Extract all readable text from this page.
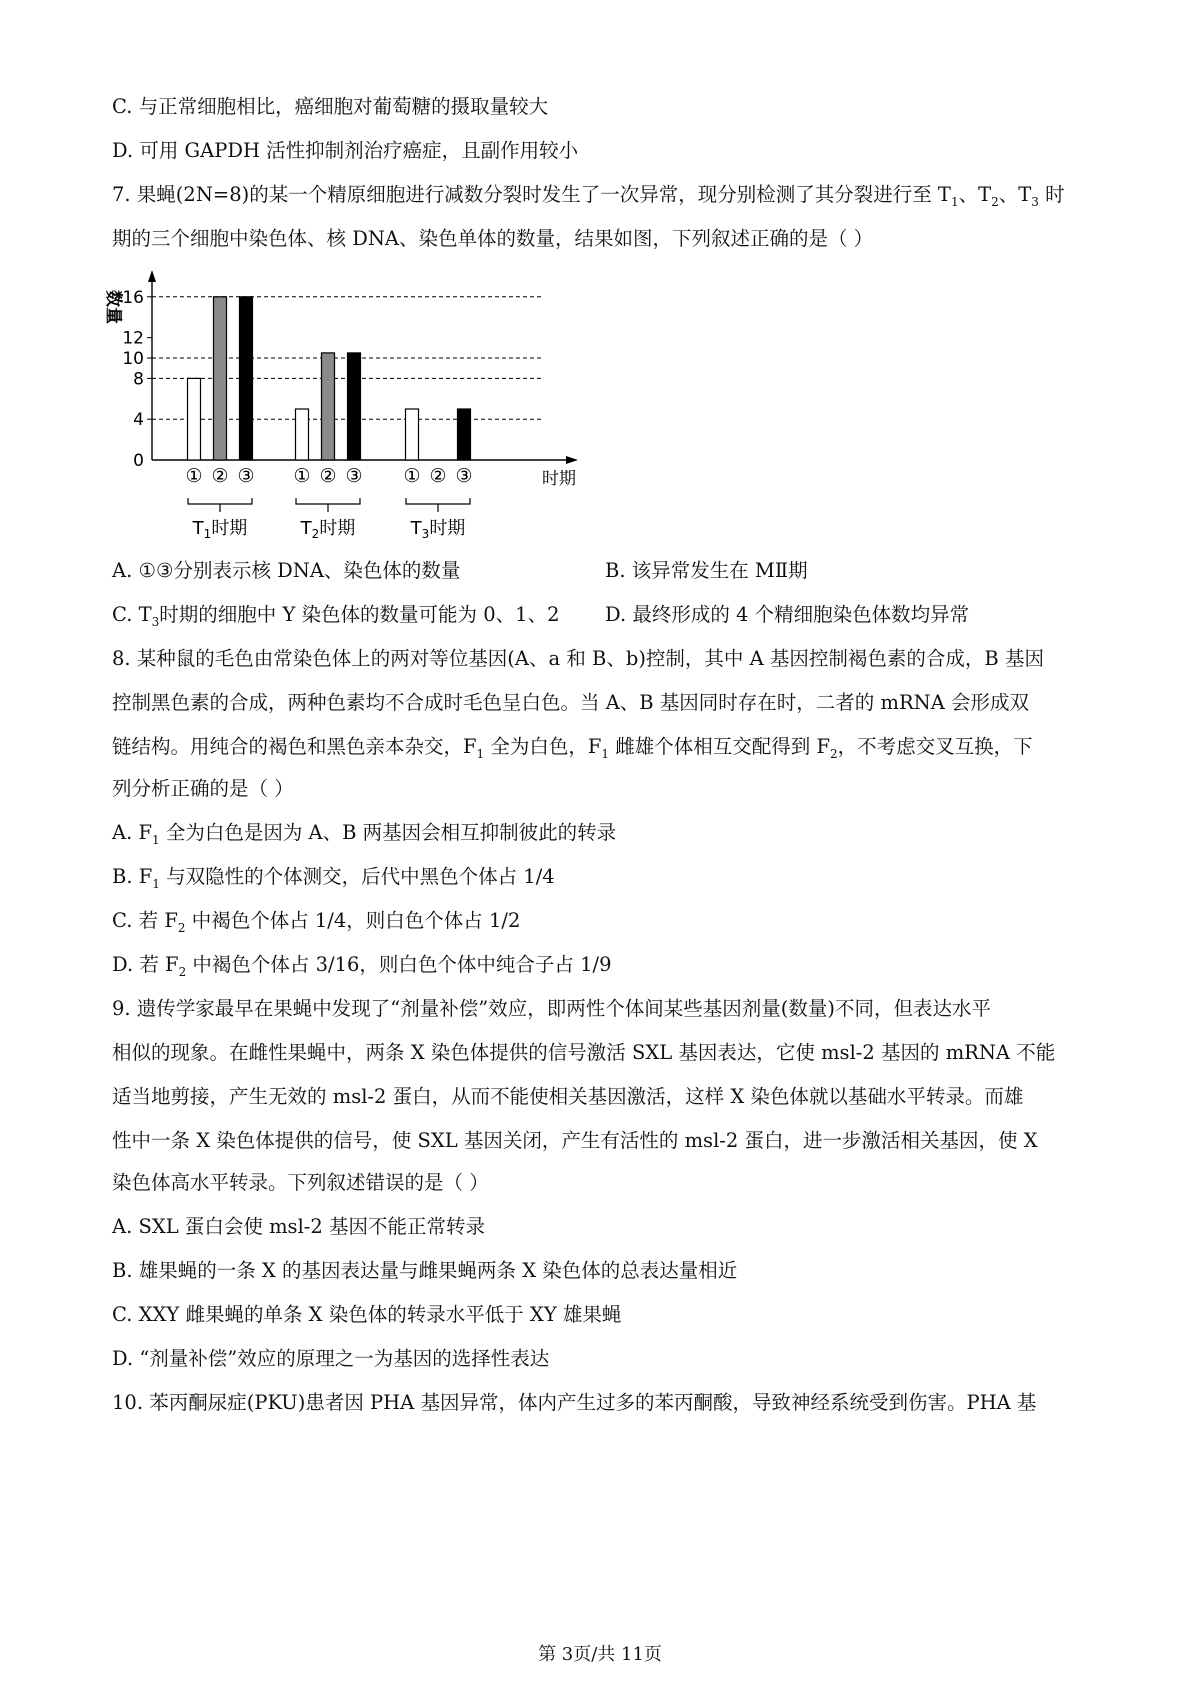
C. 与正常细胞相比，癌细胞对葡萄糖的摄取量较大
D. 可用 GAPDH 活性抑制剂治疗癌症，且副作用较小
7. 果蝇(2N=8)的某一个精原细胞进行减数分裂时发生了一次异常，现分别检测了其分裂进行至 $T_1$、$T_2$、$T_3$ 时
期的三个细胞中染色体、核 DNA、染色单体的数量，结果如图，下列叙述正确的是（ ）
数量
时期
0
4
8
10
12
16
① ② ③
$T_1$时期
① ② ③
$T_2$时期
① ② ③
$T_3$时期
A. ①③分别表示核 DNA、染色体的数量	B. 该异常发生在 MⅡ期
C. $T_3$时期的细胞中 Y 染色体的数量可能为 0、1、2 D. 最终形成的 4 个精细胞染色体数均异常
8. 某种鼠的毛色由常染色体上的两对等位基因(A、a 和 B、b)控制，其中 A 基因控制褐色素的合成，B 基因
控制黑色素的合成，两种色素均不合成时毛色呈白色。当 A、B 基因同时存在时，二者的 mRNA 会形成双
链结构。用纯合的褐色和黑色亲本杂交，$F_1$ 全为白色，$F_1$ 雌雄个体相互交配得到 $F_2$，不考虑交叉互换，下
列分析正确的是（ ）
A. $F_1$ 全为白色是因为 A、B 两基因会相互抑制彼此的转录
B. $F_1$ 与双隐性的个体测交，后代中黑色个体占 1/4
C. 若 $F_2$ 中褐色个体占 1/4，则白色个体占 1/2
D. 若 $F_2$ 中褐色个体占 3/16，则白色个体中纯合子占 1/9
9. 遗传学家最早在果蝇中发现了“剂量补偿”效应，即两性个体间某些基因剂量(数量)不同，但表达水平
相似的现象。在雌性果蝇中，两条 X 染色体提供的信号激活 SXL 基因表达，它使 msl-2 基因的 mRNA 不能
适当地剪接，产生无效的 msl-2 蛋白，从而不能使相关基因激活，这样 X 染色体就以基础水平转录。而雄
性中一条 X 染色体提供的信号，使 SXL 基因关闭，产生有活性的 msl-2 蛋白，进一步激活相关基因，使 X
染色体高水平转录。下列叙述错误的是（ ）
A. SXL 蛋白会使 msl-2 基因不能正常转录
B. 雄果蝇的一条 X 的基因表达量与雌果蝇两条 X 染色体的总表达量相近
C. XXY 雌果蝇的单条 X 染色体的转录水平低于 XY 雄果蝇
D. “剂量补偿”效应的原理之一为基因的选择性表达
10. 苯丙酮尿症(PKU)患者因 PHA 基因异常，体内产生过多的苯丙酮酸，导致神经系统受到伤害。PHA 基
第 3页/共 11页
